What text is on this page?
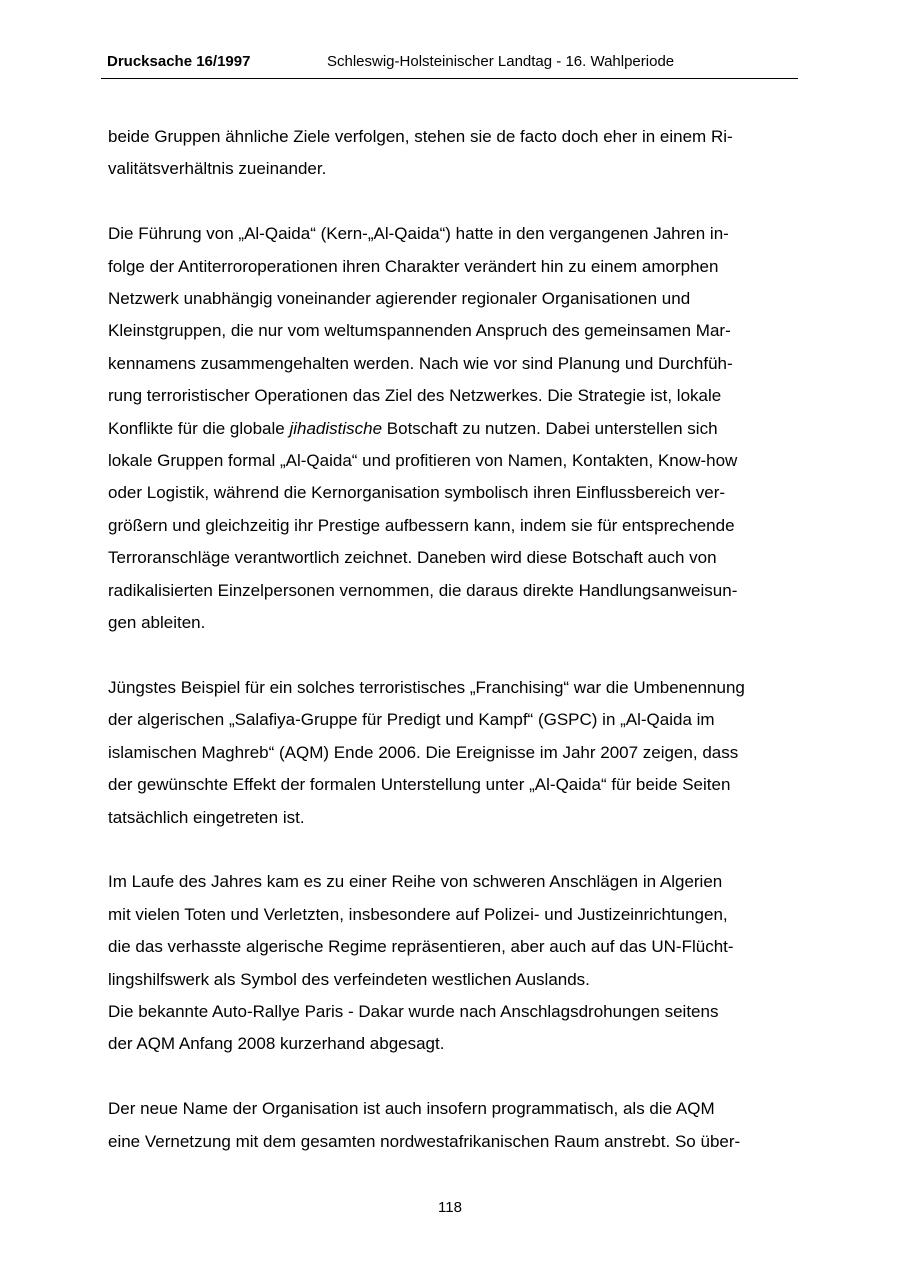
Drucksache 16/1997	Schleswig-Holsteinischer Landtag - 16. Wahlperiode

beide Gruppen ähnliche Ziele verfolgen, stehen sie de facto doch eher in einem Ri-
valitätsverhältnis zueinander.

Die Führung von „Al-Qaida“ (Kern-„Al-Qaida“) hatte in den vergangenen Jahren in-
folge der Antiterroroperationen ihren Charakter verändert hin zu einem amorphen
Netzwerk unabhängig voneinander agierender regionaler Organisationen und
Kleinstgruppen, die nur vom weltumspannenden Anspruch des gemeinsamen Mar-
kennamens zusammengehalten werden. Nach wie vor sind Planung und Durchfüh-
rung terroristischer Operationen das Ziel des Netzwerkes. Die Strategie ist, lokale
Konflikte für die globale jihadistische Botschaft zu nutzen. Dabei unterstellen sich
lokale Gruppen formal „Al-Qaida“ und profitieren von Namen, Kontakten, Know-how
oder Logistik, während die Kernorganisation symbolisch ihren Einflussbereich ver-
größern und gleichzeitig ihr Prestige aufbessern kann, indem sie für entsprechende
Terroranschläge verantwortlich zeichnet. Daneben wird diese Botschaft auch von
radikalisierten Einzelpersonen vernommen, die daraus direkte Handlungsanweisun-
gen ableiten.

Jüngstes Beispiel für ein solches terroristisches „Franchising“ war die Umbenennung
der algerischen „Salafiya-Gruppe für Predigt und Kampf“ (GSPC) in „Al-Qaida im
islamischen Maghreb“ (AQM) Ende 2006. Die Ereignisse im Jahr 2007 zeigen, dass
der gewünschte Effekt der formalen Unterstellung unter „Al-Qaida“ für beide Seiten
tatsächlich eingetreten ist.

Im Laufe des Jahres kam es zu einer Reihe von schweren Anschlägen in Algerien
mit vielen Toten und Verletzten, insbesondere auf Polizei- und Justizeinrichtungen,
die das verhasste algerische Regime repräsentieren, aber auch auf das UN-Flücht-
lingshilfswerk als Symbol des verfeindeten westlichen Auslands.

Die bekannte Auto-Rallye Paris - Dakar wurde nach Anschlagsdrohungen seitens
der AQM Anfang 2008 kurzerhand abgesagt.

Der neue Name der Organisation ist auch insofern programmatisch, als die AQM
eine Vernetzung mit dem gesamten nordwestafrikanischen Raum anstrebt. So über-

118
